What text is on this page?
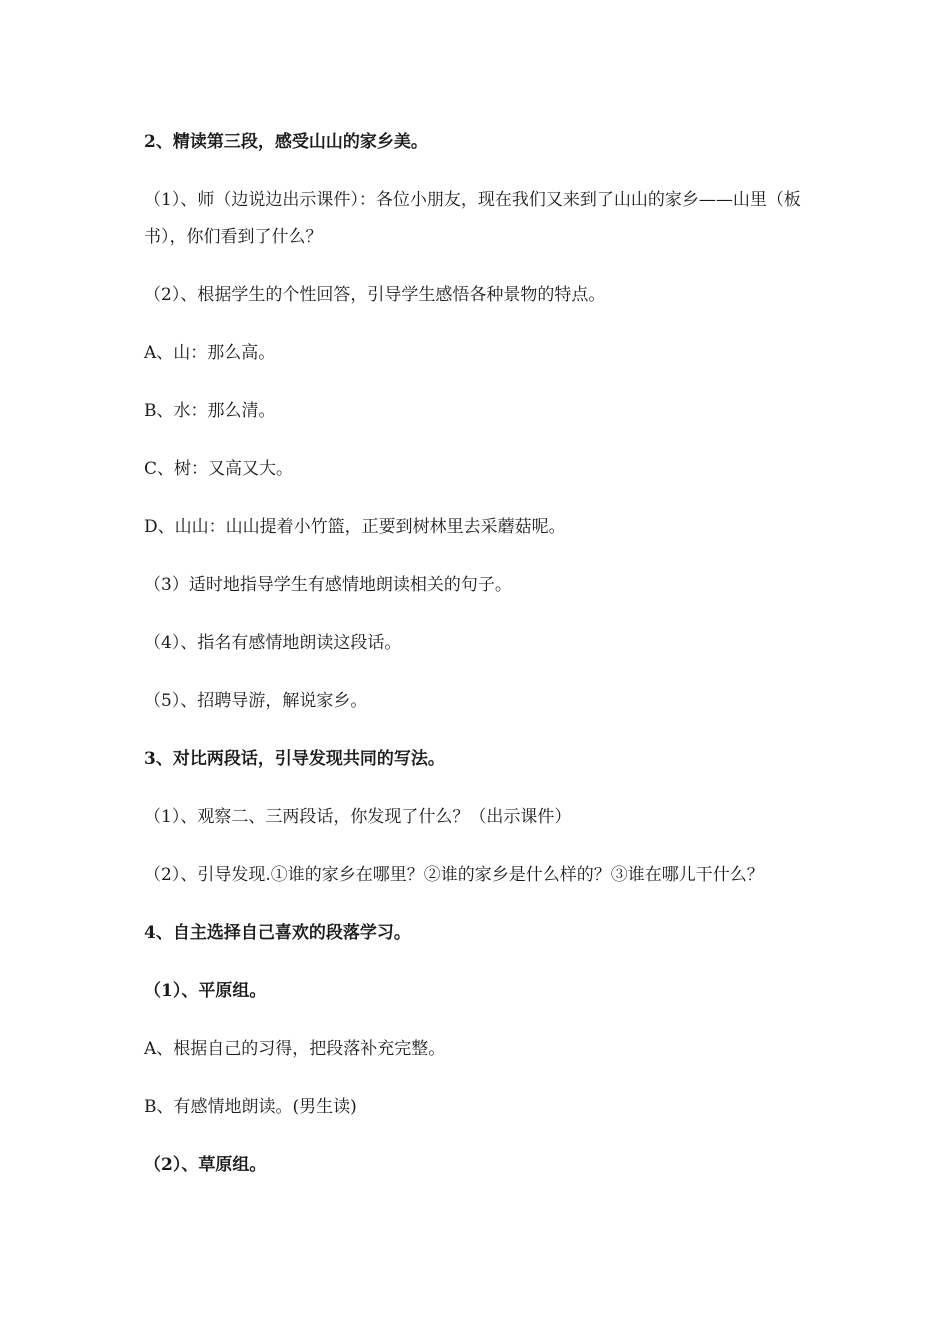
2、精读第三段，感受山山的家乡美。

（1）、师（边说边出示课件）：各位小朋友，现在我们又来到了山山的家乡——山里（板书），你们看到了什么？

（2）、根据学生的个性回答，引导学生感悟各种景物的特点。

A、山：那么高。

B、水：那么清。

C、树：又高又大。

D、山山：山山提着小竹篮，正要到树林里去采蘑菇呢。

（3）适时地指导学生有感情地朗读相关的句子。

（4）、指名有感情地朗读这段话。

（5）、招聘导游，解说家乡。

3、对比两段话，引导发现共同的写法。

（1）、观察二、三两段话，你发现了什么？（出示课件）

（2）、引导发现.①谁的家乡在哪里？②谁的家乡是什么样的？③谁在哪儿干什么？

4、自主选择自己喜欢的段落学习。

（1）、平原组。

A、根据自己的习得，把段落补充完整。

B、有感情地朗读。(男生读)

（2）、草原组。
